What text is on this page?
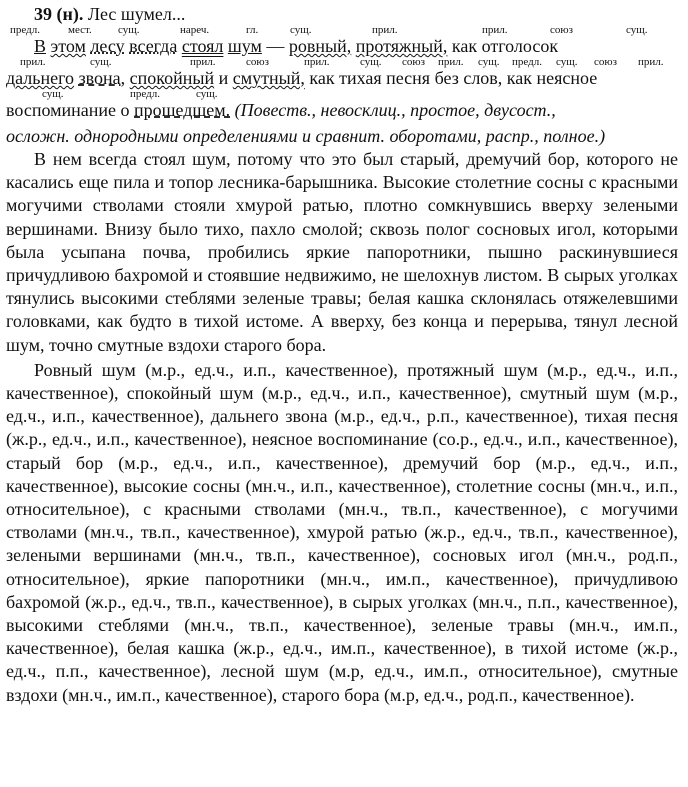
39 (н). Лес шумел...
предл.	мест. сущ.	нареч.	гл.	сущ.	прил.	прил.	союз	сущ.
В этом лесу всегда стоял шум — ровный, протяжный, как отголосок
прил.	сущ.	прил.	союз	прил.	сущ. союз прил. сущ. предл. сущ. союз прил.
дальнего звона, спокойный и смутный, как тихая песня без слов, как неясное
сущ.	предл.	сущ.
воспоминание о прошедшем. (Повеств., невосклиц., простое, двусост.,
осложн. однородными определениями и сравнит. оборотами, распр., полное.)

В нем всегда стоял шум, потому что это был старый, дремучий бор, которого не касались еще пила и топор лесника-барышника. Высокие столетние сосны с красными могучими стволами стояли хмурой ратью, плотно сомкнувшись вверху зелеными вершинами. Внизу было тихо, пахло смолой; сквозь полог сосновых игол, которыми была усыпана почва, пробились яркие папоротники, пышно раскинувшиеся причудливою бахромой и стоявшие недвижимо, не шелохнув листом. В сырых уголках тянулись высокими стеблями зеленые травы; белая кашка склонялась отяжелевшими головками, как будто в тихой истоме. А вверху, без конца и перерыва, тянул лесной шум, точно смутные вздохи старого бора.

Ровный шум (м.р., ед.ч., и.п., качественное), протяжный шум (м.р., ед.ч., и.п., качественное), спокойный шум (м.р., ед.ч., и.п., качественное), смутный шум (м.р., ед.ч., и.п., качественное), дальнего звона (м.р., ед.ч., р.п., качественное), тихая песня (ж.р., ед.ч., и.п., качественное), неясное воспоминание (со.р., ед.ч., и.п., качественное), старый бор (м.р., ед.ч., и.п., качественное), дремучий бор (м.р., ед.ч., и.п., качественное), высокие сосны (мн.ч., и.п., качественное), столетние сосны (мн.ч., и.п., относительное), с красными стволами (мн.ч., тв.п., качественное), с могучими стволами (мн.ч., тв.п., качественное), хмурой ратью (ж.р., ед.ч., тв.п., качественное), зелеными вершинами (мн.ч., тв.п., качественное), сосновых игол (мн.ч., род.п., относительное), яркие папоротники (мн.ч., им.п., качественное), причудливою бахромой (ж.р., ед.ч., тв.п., качественное), в сырых уголках (мн.ч., п.п., качественное), высокими стеблями (мн.ч., тв.п., качественное), зеленые травы (мн.ч., им.п., качественное), белая кашка (ж.р., ед.ч., им.п., качественное), в тихой истоме (ж.р., ед.ч., п.п., качественное), лесной шум (м.р, ед.ч., им.п., относительное), смутные вздохи (мн.ч., им.п., качественное), старого бора (м.р, ед.ч., род.п., качественное).
